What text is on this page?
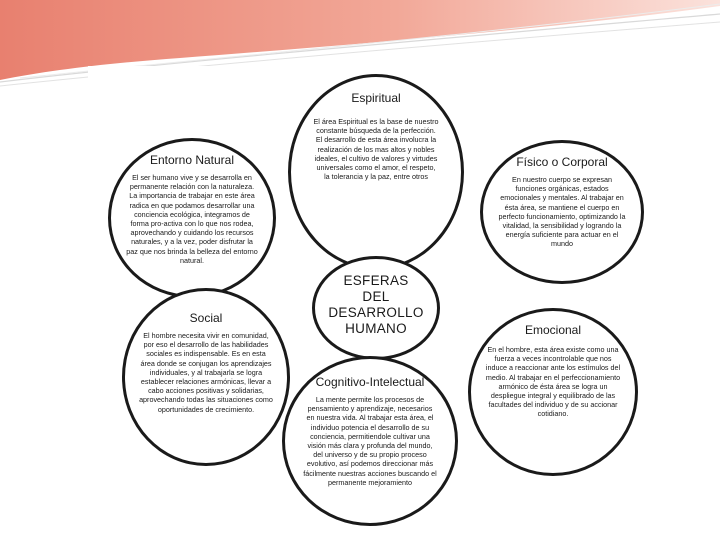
Espiritual
El área Espiritual es la base de nuestro constante búsqueda de la perfección. El desarrollo de esta área involucra la realización de los mas altos y nobles ideales, el cultivo de valores y virtudes universales como el amor, el respeto, la tolerancia y la paz, entre otros
Entorno Natural
El ser humano vive y se desarrolla en permanente relación con la naturaleza. La importancia de trabajar en este área radica en que podamos desarrollar una conciencia ecológica, integramos de forma pro-activa con lo que nos rodea, aprovechando y cuidando los recursos naturales, y a la vez, poder disfrutar la paz que nos brinda la belleza del entorno natural.
Físico o Corporal
En nuestro cuerpo se expresan funciones orgánicas, estados emocionales y mentales. Al trabajar en ésta área, se mantiene el cuerpo en perfecto funcionamiento, optimizando la vitalidad, la sensibilidad y logrando la energía suficiente para actuar en el mundo
ESFERAS
DEL
DESARROLLO
HUMANO
Social
El hombre necesita vivir en comunidad, por eso el desarrollo de las habilidades sociales es indispensable. Es en esta área donde se conjugan los aprendizajes individuales, y al trabajarla se logra establecer relaciones armónicas, llevar a cabo acciones positivas y solidarias, aprovechando todas las situaciones como oportunidades de crecimiento.
Emocional
En el hombre, esta área existe como una fuerza a veces incontrolable que nos induce a reaccionar ante los estímulos del medio. Al trabajar en el perfeccionamiento armónico de ésta área se logra un despliegue integral y equilibrado de las facultades del individuo y de su accionar cotidiano.
Cognitivo-Intelectual
La mente permite los procesos de pensamiento y aprendizaje, necesarios en nuestra vida. Al trabajar esta área, el individuo potencia el desarrollo de su conciencia, permitiendole cultivar una visión más clara y profunda del mundo, del universo y de su propio proceso evolutivo, así podemos direccionar más fácilmente nuestras acciones buscando el permanente mejoramiento
